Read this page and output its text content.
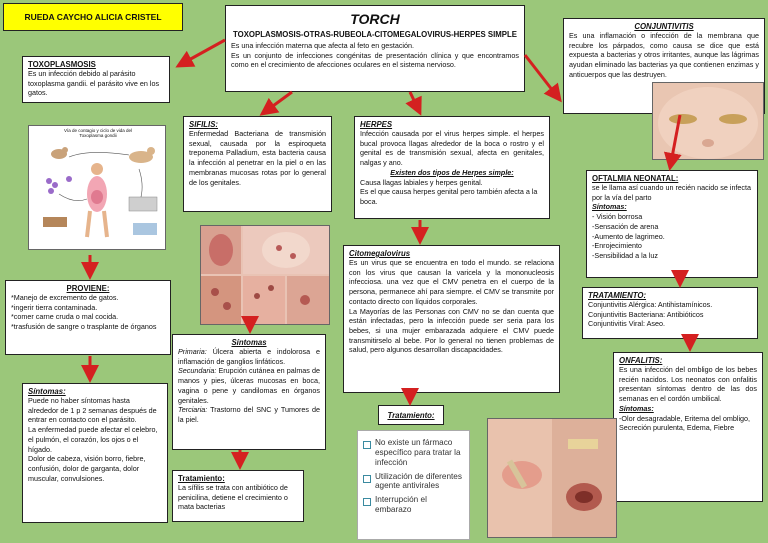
RUEDA CAYCHO ALICIA CRISTEL	TORCH
TOXOPLASMOSIS-OTRAS-RUBEOLA-CITOMEGALOVIRUS-HERPES SIMPLE
Es una infección materna que afecta al feto en gestación.
Es un conjunto de infecciones congénitas de presentación clínica y que encontramos como en el crecimiento de afecciones oculares en el sistema nervioso.
TOXOPLASMOSIS
Es un infección debido al parásito toxoplasma gandii. el parásito vive en los gatos.
Vía de contagio y ciclo de vida del Toxoplasma gondii
PROVIENE:
*Manejo de excremento de gatos.
*ingerir tierra contaminada.
*comer carne cruda o mal cocida.
*trasfusión de sangre o trasplante de órganos
Síntomas:
Puede no haber síntomas hasta alrededor de 1 p 2 semanas después de entrar en contacto con el parásito.
La enfermedad puede afectar el celebro, el pulmón, el corazón, los ojos o el hígado.
Dolor de cabeza, visión borro, fiebre, confusión, dolor de garganta, dolor muscular, convulsiones.
SIFILIS:
Enfermedad Bacteriana de transmisión sexual, causada por la espiroqueta treponema Palladium, esta bacteria causa la infección al penetrar en la piel o en las membranas mucosas rotas por lo general de los genitales.
Síntomas
Primaria: Úlcera abierta e indolorosa e inflamación de ganglios linfáticos.
Secundaria: Erupción cutánea en palmas de manos y pies, úlceras mucosas en boca, vagina o pene y candilomas en órganos genitales.
Terciaria: Trastorno del SNC y Tumores de la piel.
Tratamiento:
La sífilis se trata con antibiótico de penicilina, detiene el crecimiento o mata bacterias
HERPES
Infección causada por el virus herpes simple. el herpes bucal provoca llagas alrededor de la boca o rostro y el genital es de transmisión sexual, afecta en genitales, nalgas y ano.
Existen dos tipos de Herpes simple:
Causa llagas labiales y herpes genital.
Es el que causa herpes genital pero también afecta a la boca.
Citomegalovirus
Es un virus que se encuentra en todo el mundo. se relaciona con los virus que causan la varicela y la mononucleosis infecciosa. una vez que el CMV penetra en el cuerpo de la persona, permanece ahí para siempre. el CMV se transmite por contacto directo con líquidos corporales.
La Mayorías de las Personas con CMV no se dan cuenta que están infectadas, pero la infección puede ser seria para los bebes, si una mujer embarazada adquiere el CMV puede transmitirselo al bebe. Por lo general no tienen problemas de salud, pero algunos desarrollan discapacidades.
Tratamiento:
No existe un fármaco específico para tratar la infección
Utilización de diferentes agente antivirales
Interrupción el embarazo
CONJUNTIVITIS
Es una inflamación o infección de la membrana que recubre los párpados, como causa se dice que está expuesta a bacterias y otros irritantes, aunque las lágrimas ayudan eliminado las bacterias ya que contienen enzimas y anticuerpos que las destruyen.
OFTALMIA NEONATAL:
se le llama así cuando un recién nacido se infecta por la vía del parto
Síntomas:
- Visión borrosa
-Sensación de arena
-Aumento de lagrimeo.
-Enrojecimiento
-Sensibilidad a la luz
TRATAMIENTO:
Conjuntivitis Alérgica: Antihistamínicos.
Conjuntivitis Bacteriana: Antibióticos
Conjuntivitis Viral: Aseo.
ONFALITIS:
Es una infección del ombligo de los bebes recién nacidos. Los neonatos con onfalitis presentan síntomas dentro de las dos semanas en el cordón umbilical.
Síntomas:
-Olor desagradable, Eritema del ombligo, Secreción purulenta, Edema, Fiebre
